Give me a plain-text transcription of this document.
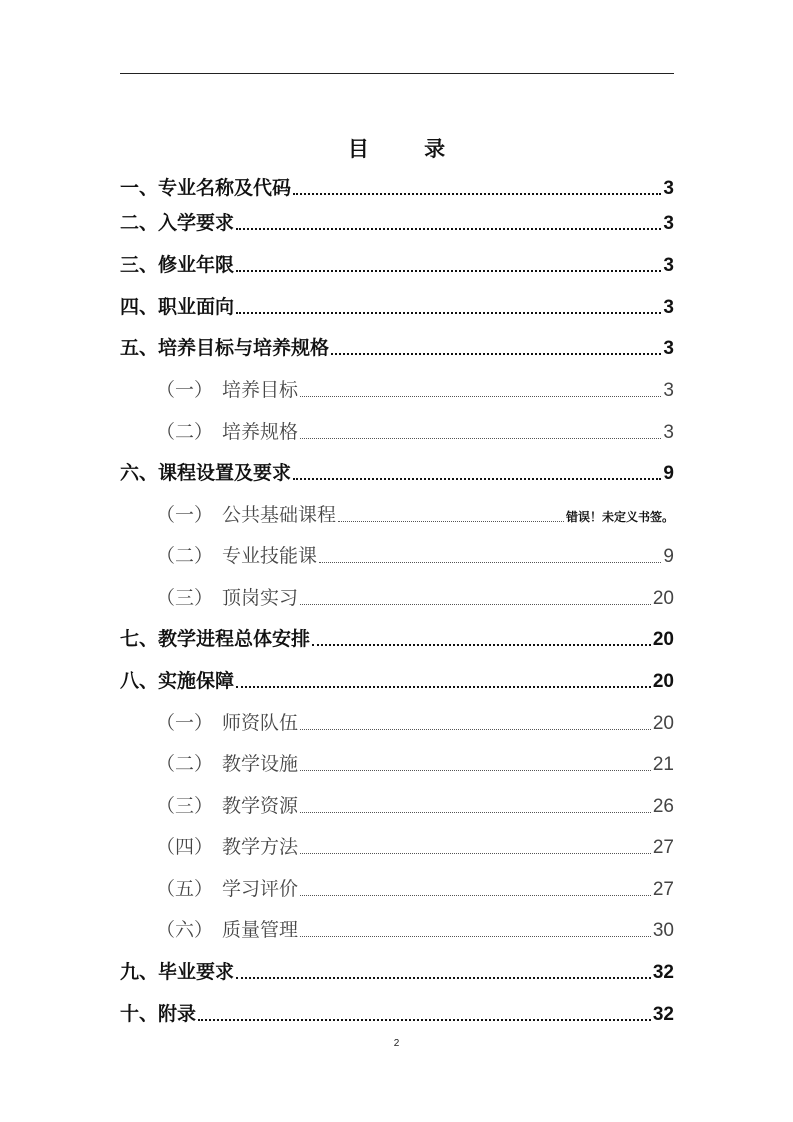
目 录
一、 专业名称及代码	3
二、 入学要求	3
三、 修业年限	3
四、 职业面向	3
五、 培养目标与培养规格	3
（一） 培养目标	3
（二） 培养规格	3
六、 课程设置及要求	9
（一） 公共基础课程	错误！未定义书签。
（二） 专业技能课	9
（三） 顶岗实习	20
七、 教学进程总体安排	20
八、 实施保障	20
（一） 师资队伍	20
（二） 教学设施	21
（三） 教学资源	26
（四） 教学方法	27
（五） 学习评价	27
（六） 质量管理	30
九、 毕业要求	32
十、 附录	32
2
